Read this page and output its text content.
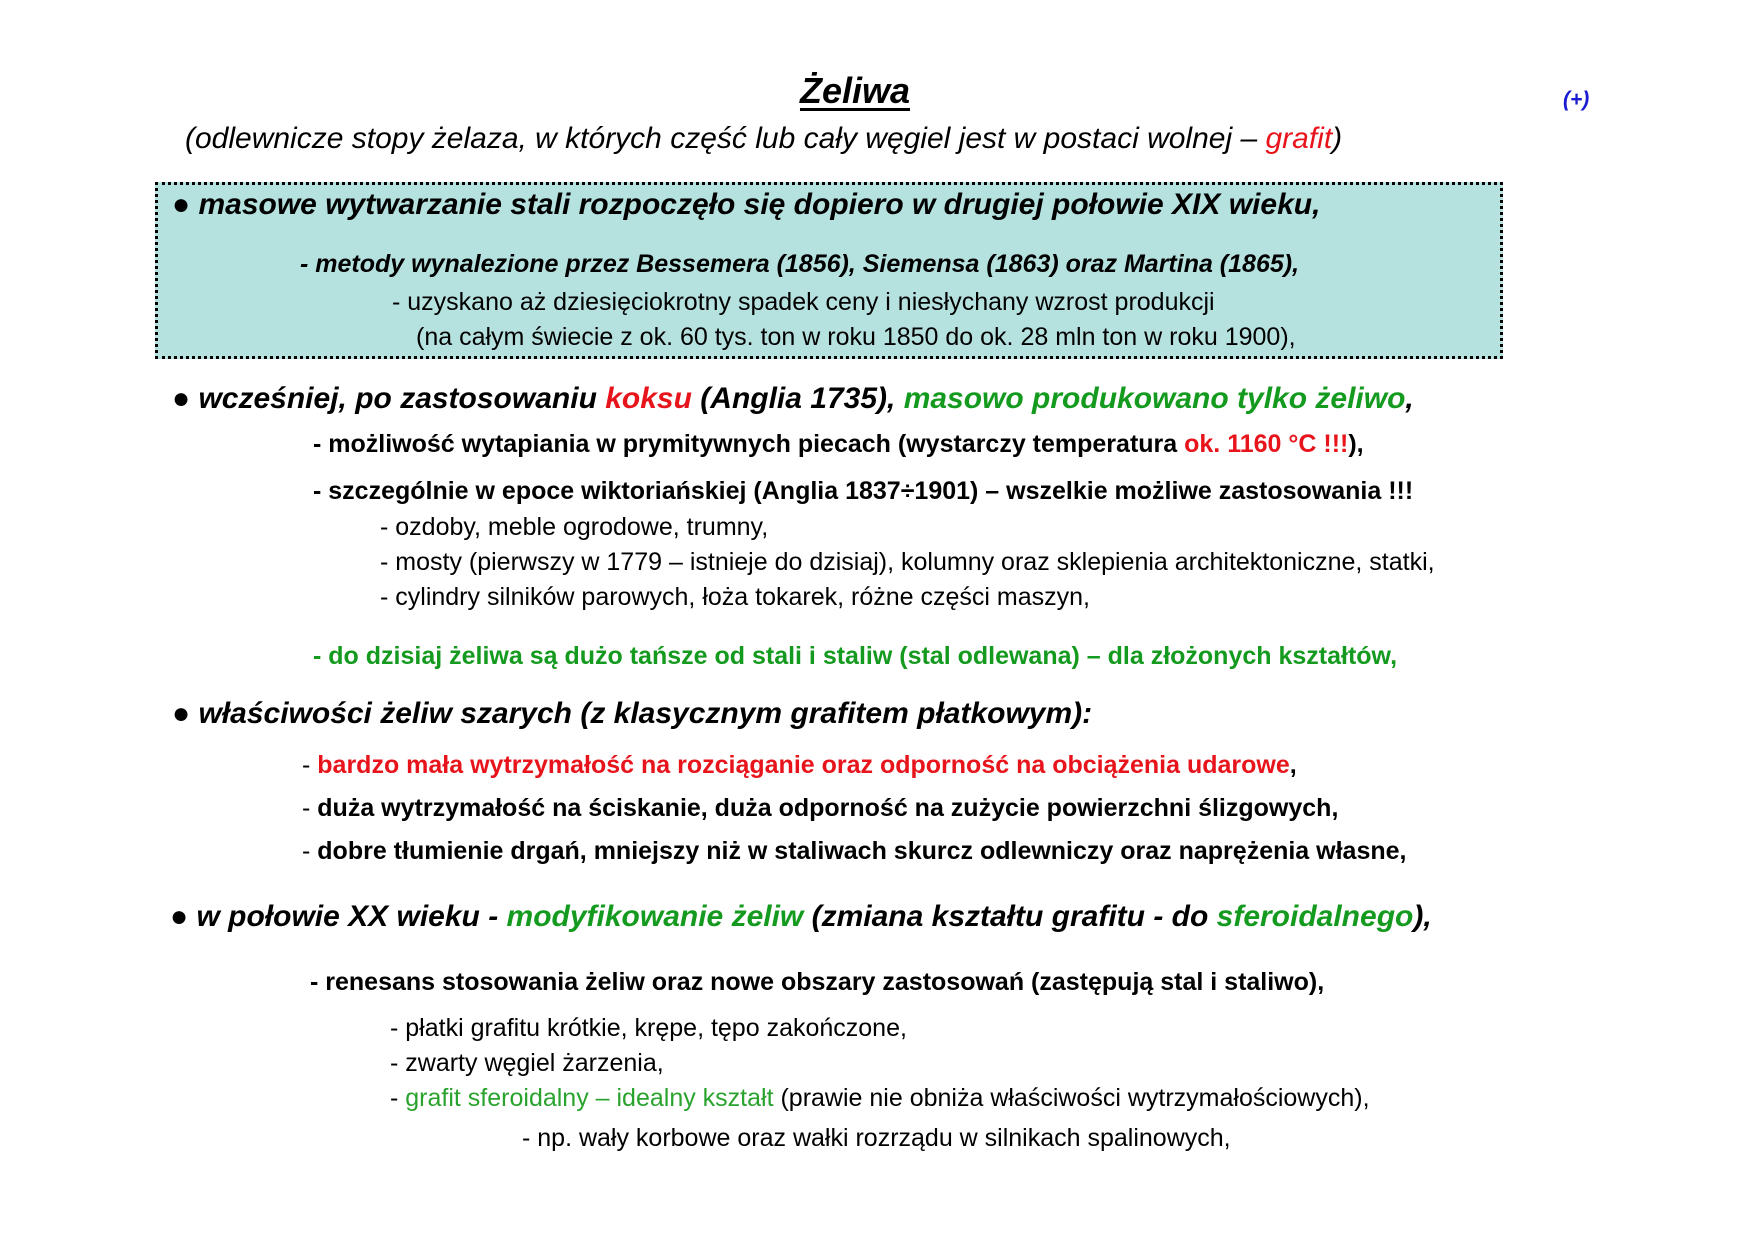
Żeliwa	(+)
(odlewnicze stopy żelaza, w których część lub cały węgiel jest w postaci wolnej – grafit)
● masowe wytwarzanie stali rozpoczęło się dopiero w drugiej połowie XIX wieku,
- metody wynalezione przez Bessemera (1856), Siemensa (1863) oraz Martina (1865),
- uzyskano aż dziesięciokrotny spadek ceny i niesłychany wzrost produkcji
(na całym świecie z ok. 60 tys. ton w roku 1850 do ok. 28 mln ton w roku 1900),
● wcześniej, po zastosowaniu koksu (Anglia 1735), masowo produkowano tylko żeliwo,
- możliwość wytapiania w prymitywnych piecach (wystarczy temperatura ok. 1160 °C !!!),
- szczególnie w epoce wiktoriańskiej (Anglia 1837÷1901) – wszelkie możliwe zastosowania !!!
- ozdoby, meble ogrodowe, trumny,
- mosty (pierwszy w 1779 – istnieje do dzisiaj), kolumny oraz sklepienia architektoniczne, statki,
- cylindry silników parowych, łoża tokarek, różne części maszyn,
- do dzisiaj żeliwa są dużo tańsze od stali i staliw (stal odlewana) – dla złożonych kształtów,
● właściwości żeliw szarych (z klasycznym grafitem płatkowym):
- bardzo mała wytrzymałość na rozciąganie oraz odporność na obciążenia udarowe,
- duża wytrzymałość na ściskanie, duża odporność na zużycie powierzchni ślizgowych,
- dobre tłumienie drgań, mniejszy niż w staliwach skurcz odlewniczy oraz naprężenia własne,
● w połowie XX wieku - modyfikowanie żeliw (zmiana kształtu grafitu - do sferoidalnego),
- renesans stosowania żeliw oraz nowe obszary zastosowań (zastępują stal i staliwo),
- płatki grafitu krótkie, krępe, tępo zakończone,
- zwarty węgiel żarzenia,
- grafit sferoidalny – idealny kształt (prawie nie obniża właściwości wytrzymałościowych),
- np. wały korbowe oraz wałki rozrządu w silnikach spalinowych,
